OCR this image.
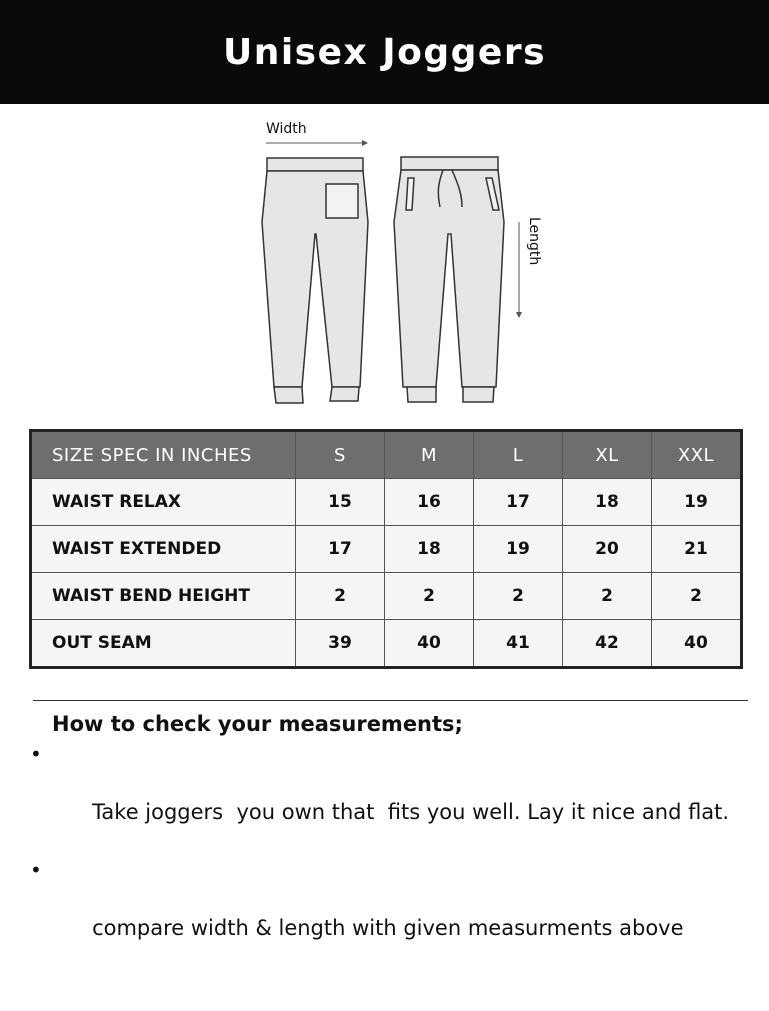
Unisex Joggers
Width
Length
SIZE SPEC IN INCHES	S	M	L	XL	XXL
WAIST RELAX	15	16	17	18	19
WAIST EXTENDED	17	18	19	20	21
WAIST BEND HEIGHT	2	2	2	2	2
OUT SEAM	39	40	41	42	40
How to check your measurements;

•

Take joggers  you own that  fits you well. Lay it nice and flat.

•

compare width & length with given measurments above
